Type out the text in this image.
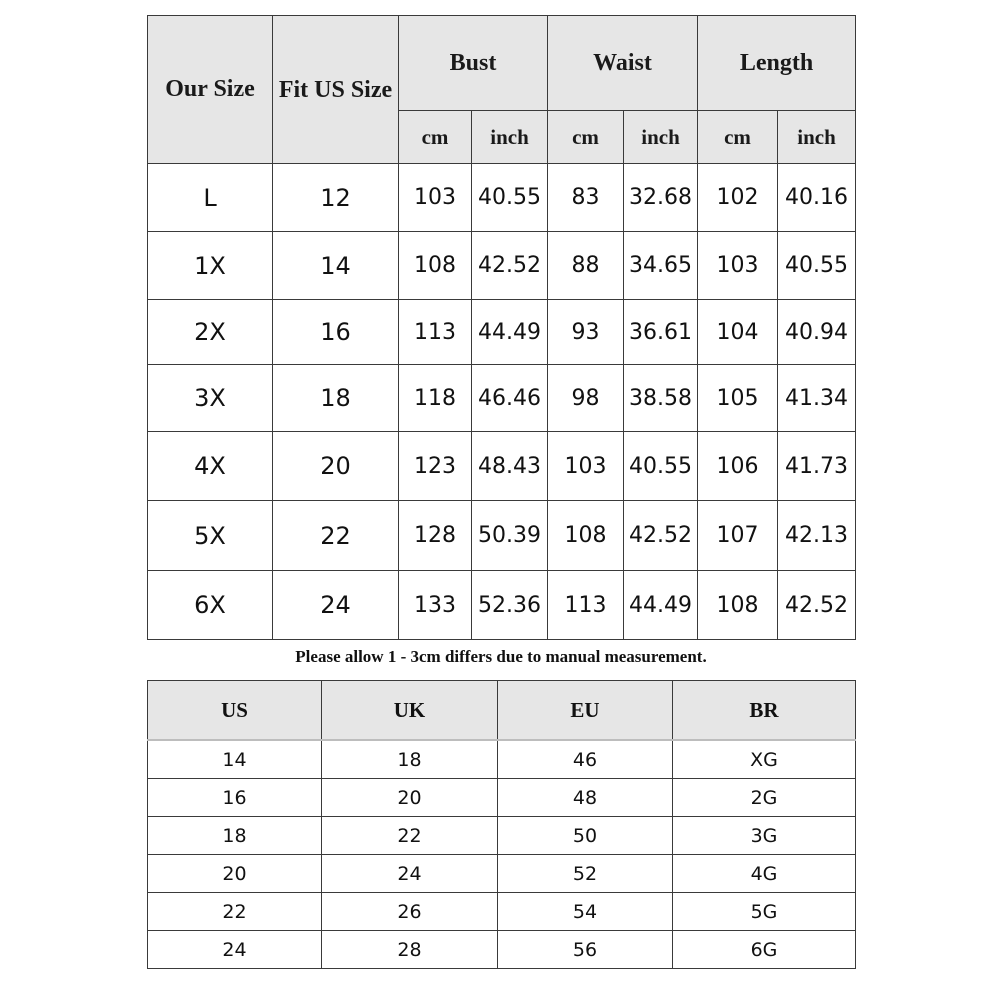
Our Size	Fit US Size	Bust		Waist		Length	
		cm	inch	cm	inch	cm	inch
L	12	103	40.55	83	32.68	102	40.16
1X	14	108	42.52	88	34.65	103	40.55
2X	16	113	44.49	93	36.61	104	40.94
3X	18	118	46.46	98	38.58	105	41.34
4X	20	123	48.43	103	40.55	106	41.73
5X	22	128	50.39	108	42.52	107	42.13
6X	24	133	52.36	113	44.49	108	42.52
Please allow 1 - 3cm differs due to manual measurement.
US	UK	EU	BR
14	18	46	XG
16	20	48	2G
18	22	50	3G
20	24	52	4G
22	26	54	5G
24	28	56	6G
